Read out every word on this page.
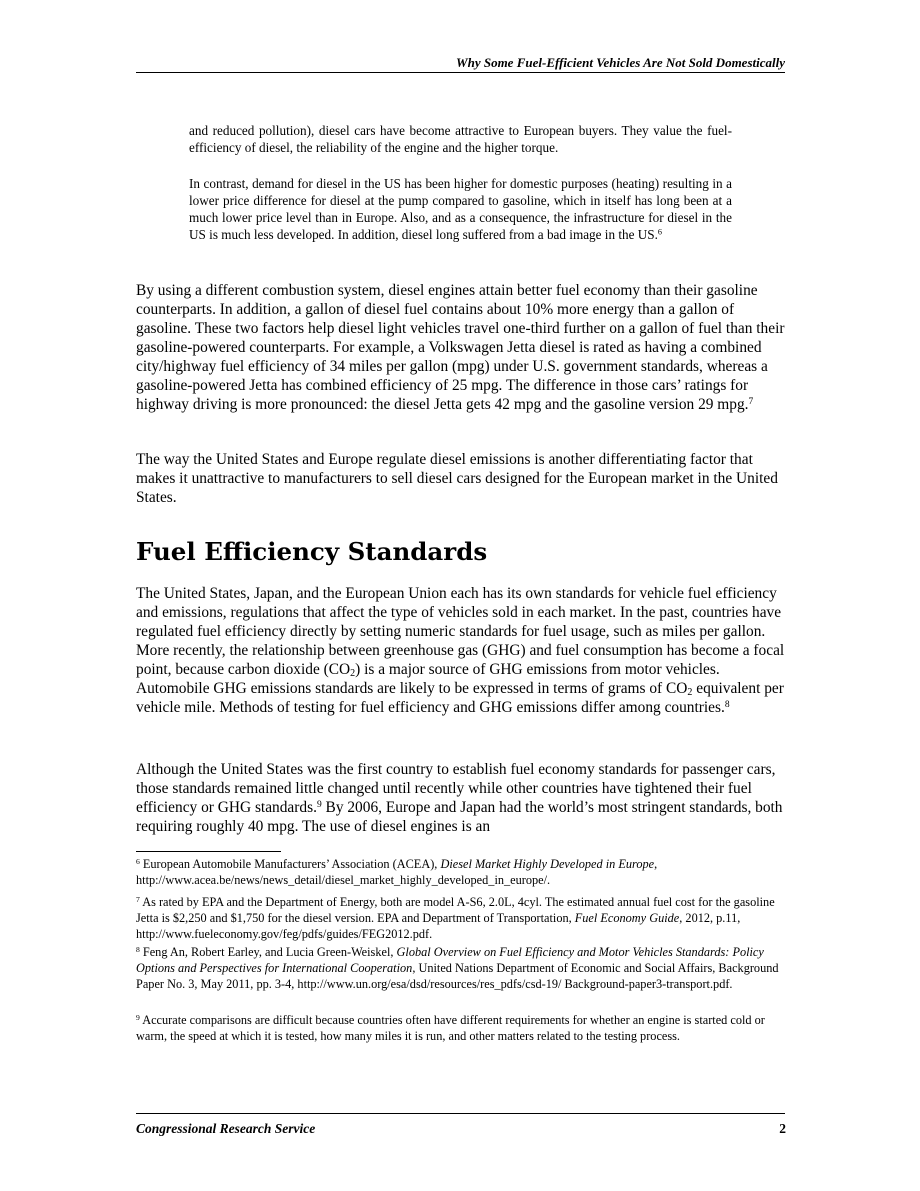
Why Some Fuel-Efficient Vehicles Are Not Sold Domestically

and reduced pollution), diesel cars have become attractive to European buyers. They value the fuel-efficiency of diesel, the reliability of the engine and the higher torque.

In contrast, demand for diesel in the US has been higher for domestic purposes (heating) resulting in a lower price difference for diesel at the pump compared to gasoline, which in itself has long been at a much lower price level than in Europe. Also, and as a consequence, the infrastructure for diesel in the US is much less developed. In addition, diesel long suffered from a bad image in the US.$^6$

By using a different combustion system, diesel engines attain better fuel economy than their gasoline counterparts. In addition, a gallon of diesel fuel contains about 10% more energy than a gallon of gasoline. These two factors help diesel light vehicles travel one-third further on a gallon of fuel than their gasoline-powered counterparts. For example, a Volkswagen Jetta diesel is rated as having a combined city/highway fuel efficiency of 34 miles per gallon (mpg) under U.S. government standards, whereas a gasoline-powered Jetta has combined efficiency of 25 mpg. The difference in those cars’ ratings for highway driving is more pronounced: the diesel Jetta gets 42 mpg and the gasoline version 29 mpg.$^7$

The way the United States and Europe regulate diesel emissions is another differentiating factor that makes it unattractive to manufacturers to sell diesel cars designed for the European market in the United States.

Fuel Efficiency Standards

The United States, Japan, and the European Union each has its own standards for vehicle fuel efficiency and emissions, regulations that affect the type of vehicles sold in each market. In the past, countries have regulated fuel efficiency directly by setting numeric standards for fuel usage, such as miles per gallon. More recently, the relationship between greenhouse gas (GHG) and fuel consumption has become a focal point, because carbon dioxide $(CO_2)$ is a major source of GHG emissions from motor vehicles. Automobile GHG emissions standards are likely to be expressed in terms of grams of $CO_2$ equivalent per vehicle mile. Methods of testing for fuel efficiency and GHG emissions differ among countries.$^8$

Although the United States was the first country to establish fuel economy standards for passenger cars, those standards remained little changed until recently while other countries have tightened their fuel efficiency or GHG standards.$^9$ By 2006, Europe and Japan had the world’s most stringent standards, both requiring roughly 40 mpg. The use of diesel engines is an

$^6$ European Automobile Manufacturers’ Association (ACEA), Diesel Market Highly Developed in Europe, http://www.acea.be/news/news_detail/diesel_market_highly_developed_in_europe/.
$^7$ As rated by EPA and the Department of Energy, both are model A-S6, 2.0L, 4cyl. The estimated annual fuel cost for the gasoline Jetta is $2,250 and $1,750 for the diesel version. EPA and Department of Transportation, Fuel Economy Guide, 2012, p.11, http://www.fueleconomy.gov/feg/pdfs/guides/FEG2012.pdf.
$^8$ Feng An, Robert Earley, and Lucia Green-Weiskel, Global Overview on Fuel Efficiency and Motor Vehicles Standards: Policy Options and Perspectives for International Cooperation, United Nations Department of Economic and Social Affairs, Background Paper No. 3, May 2011, pp. 3-4, http://www.un.org/esa/dsd/resources/res_pdfs/csd-19/ Background-paper3-transport.pdf.
$^9$ Accurate comparisons are difficult because countries often have different requirements for whether an engine is started cold or warm, the speed at which it is tested, how many miles it is run, and other matters related to the testing process.
Congressional Research Service	2
